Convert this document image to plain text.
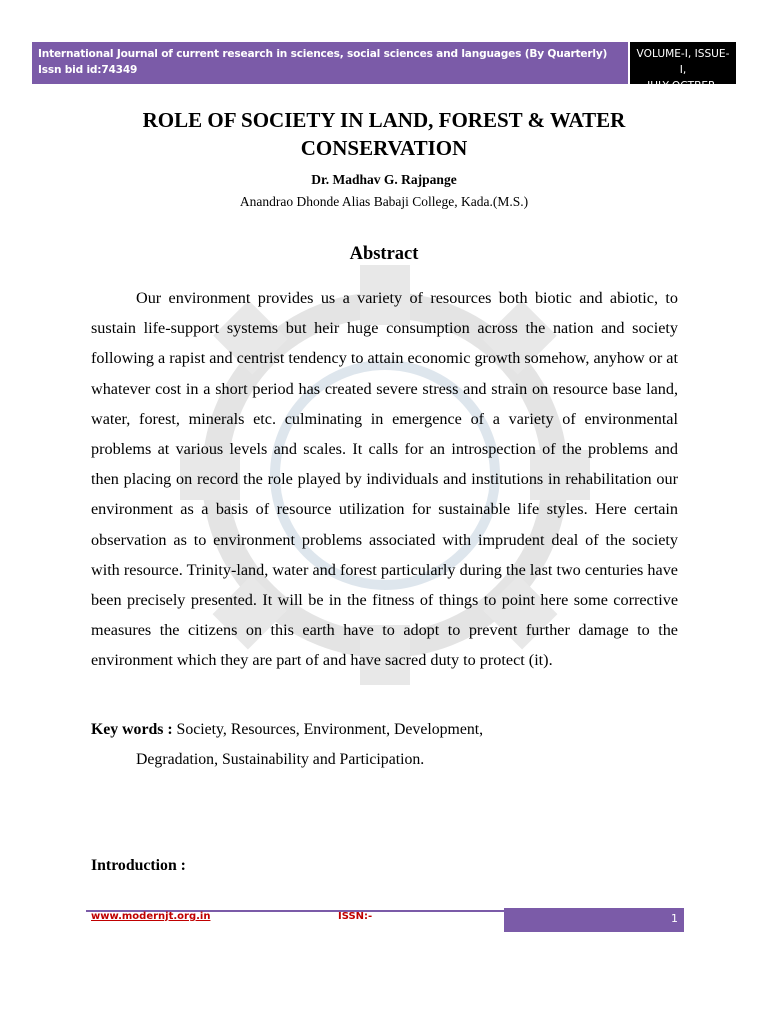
International Journal of current research in sciences, social sciences and languages (By Quarterly)
Issn bid id:74349
VOLUME-I, ISSUE-I,
JULY-OCTBER-2012
ROLE OF SOCIETY IN LAND, FOREST & WATER
CONSERVATION
Dr. Madhav G. Rajpange
Anandrao Dhonde Alias Babaji College, Kada.(M.S.)
Abstract

Our environment provides us a variety of resources both biotic and abiotic, to sustain life-support systems but heir huge consumption across the nation and society following a rapist and centrist tendency to attain economic growth somehow, anyhow or at whatever cost in a short period has created severe stress and strain on resource base land, water, forest, minerals etc. culminating in emergence of a variety of environmental problems at various levels and scales. It calls for an introspection of the problems and then placing on record the role played by individuals and institutions in rehabilitation our environment as a basis of resource utilization for sustainable life styles. Here certain observation as to environment problems associated with imprudent deal of the society with resource. Trinity-land, water and forest particularly during the last two centuries have been precisely presented. It will be in the fitness of things to point here some corrective measures the citizens on this earth have to adopt to prevent further damage to the environment which they are part of and have sacred duty to protect (it).

Key words : Society, Resources, Environment, Development,
Degradation, Sustainability and Participation.
Introduction :
www.modernjt.org.in	ISSN:-	1
